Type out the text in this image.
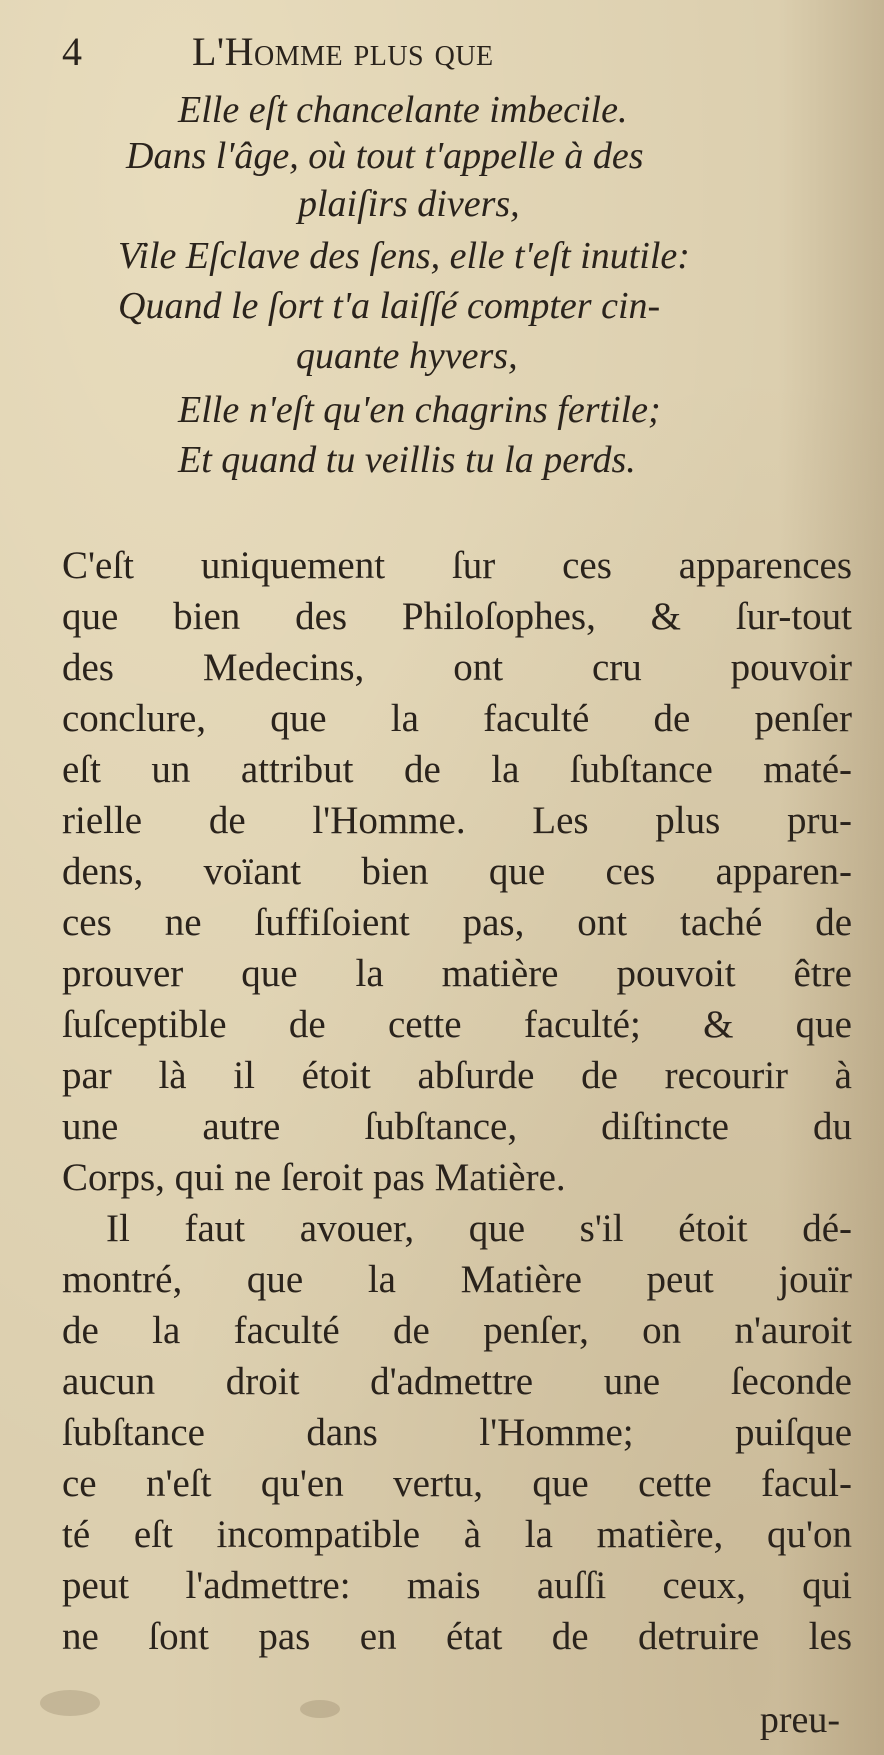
4	L'Homme plus que
Elle eſt chancelante imbecile.
Dans l'âge, où tout t'appelle à des
plaiſirs divers,
Vile Eſclave des ſens, elle t'eſt inutile:
Quand le ſort t'a laiſſé compter cin-
quante hyvers,
Elle n'eſt qu'en chagrins fertile;
Et quand tu veillis tu la perds.
C'eſt uniquement ſur ces apparences
que bien des Philoſophes, & ſur-tout
des Medecins, ont cru pouvoir
conclure, que la faculté de penſer
eſt un attribut de la ſubſtance maté-
rielle de l'Homme. Les plus pru-
dens, voïant bien que ces apparen-
ces ne ſuffiſoient pas, ont taché de
prouver que la matière pouvoit être
ſuſceptible de cette faculté; & que
par là il étoit abſurde de recourir à
une autre ſubſtance, diſtincte du
Corps, qui ne ſeroit pas Matière.
Il faut avouer, que s'il étoit dé-
montré, que la Matière peut jouïr
de la faculté de penſer, on n'auroit
aucun droit d'admettre une ſeconde
ſubſtance dans l'Homme; puiſque
ce n'eſt qu'en vertu, que cette facul-
té eſt incompatible à la matière, qu'on
peut l'admettre: mais auſſi ceux, qui
ne ſont pas en état de detruire les
preu-
